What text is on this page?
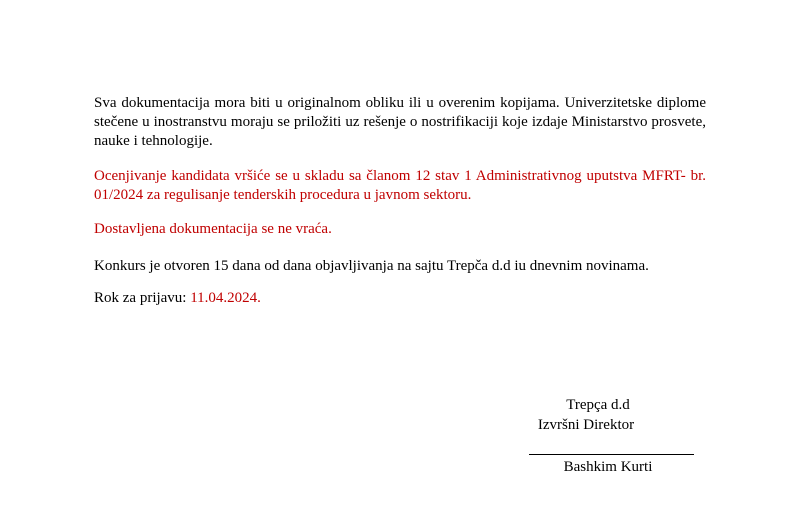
Sva dokumentacija mora biti u originalnom obliku ili u overenim kopijama. Univerzitetske diplome stečene u inostranstvu moraju se priložiti uz rešenje o nostrifikaciji koje izdaje Ministarstvo prosvete, nauke i tehnologije.

Ocenjivanje kandidata vršiće se u skladu sa članom 12 stav 1 Administrativnog uputstva MFRT- br. 01/2024 za regulisanje tenderskih procedura u javnom sektoru.

Dostavljena dokumentacija se ne vraća.

Konkurs je otvoren 15 dana od dana objavljivanja na sajtu Trepča d.d iu dnevnim novinama.

Rok za prijavu: 11.04.2024.

Trepça d.d
Izvršni Direktor
Bashkim Kurti
